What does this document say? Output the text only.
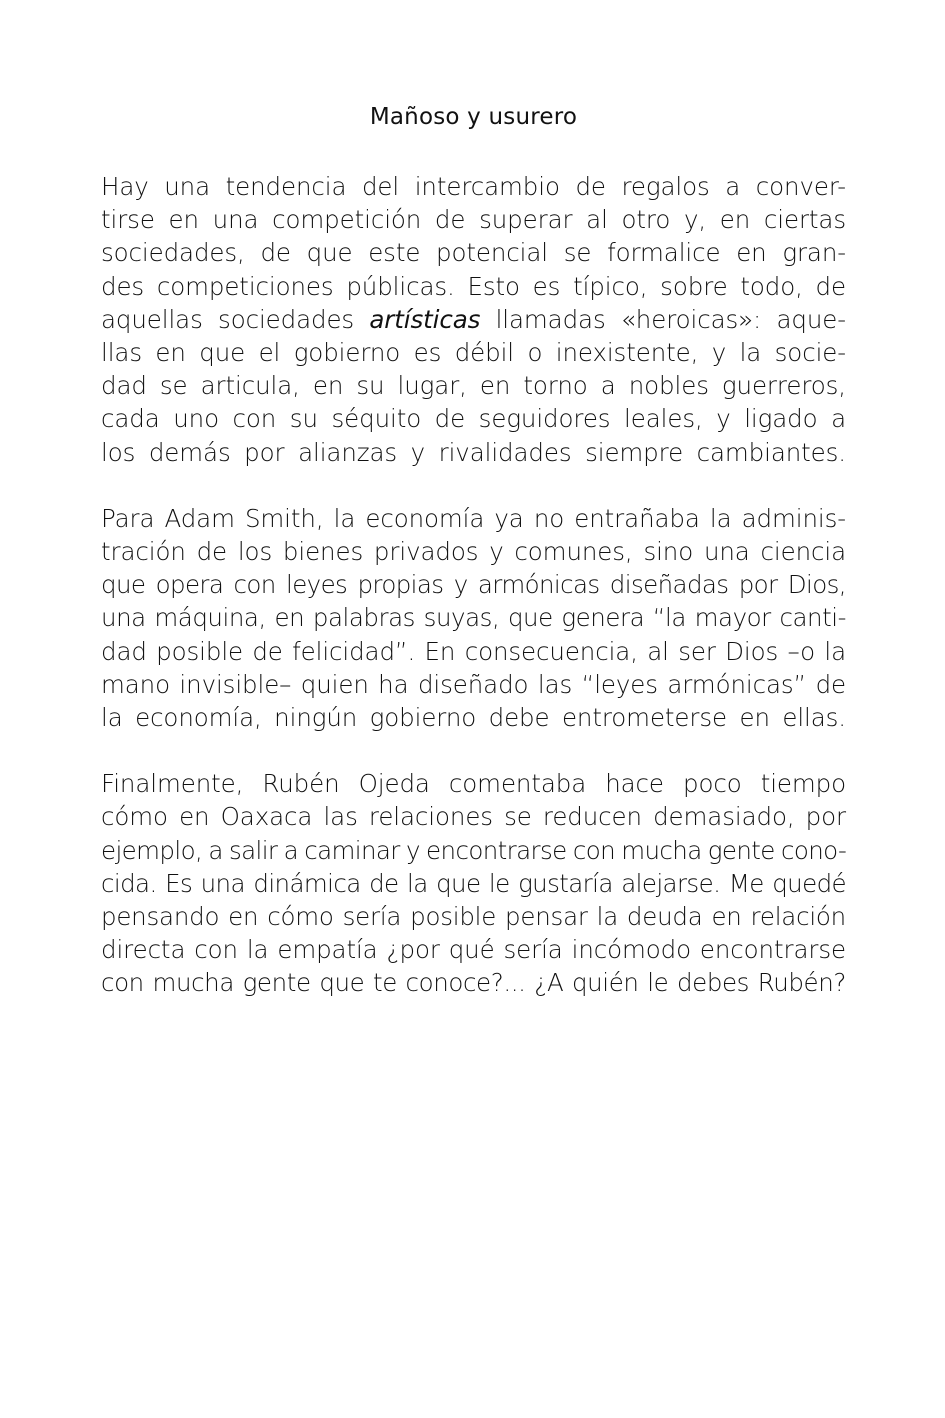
Mañoso y usurero
Hay una tendencia del intercambio de regalos a conver-
tirse en una competición de superar al otro y, en ciertas
sociedades, de que este potencial se formalice en gran-
des competiciones públicas. Esto es típico, sobre todo, de
aquellas sociedades artísticas llamadas «heroicas»: aque-
llas en que el gobierno es débil o inexistente, y la socie-
dad se articula, en su lugar, en torno a nobles guerreros,
cada uno con su séquito de seguidores leales, y ligado a
los demás por alianzas y rivalidades siempre cambiantes.
Para Adam Smith, la economía ya no entrañaba la adminis-
tración de los bienes privados y comunes, sino una ciencia
que opera con leyes propias y armónicas diseñadas por Dios,
una máquina, en palabras suyas, que genera “la mayor canti-
dad posible de felicidad”. En consecuencia, al ser Dios –o la
mano invisible– quien ha diseñado las “leyes armónicas” de
la economía, ningún gobierno debe entrometerse en ellas.
Finalmente, Rubén Ojeda comentaba hace poco tiempo
cómo en Oaxaca las relaciones se reducen demasiado, por
ejemplo, a salir a caminar y encontrarse con mucha gente cono-
cida. Es una dinámica de la que le gustaría alejarse. Me quedé
pensando en cómo sería posible pensar la deuda en relación
directa con la empatía ¿por qué sería incómodo encontrarse
con mucha gente que te conoce?... ¿A quién le debes Rubén?
